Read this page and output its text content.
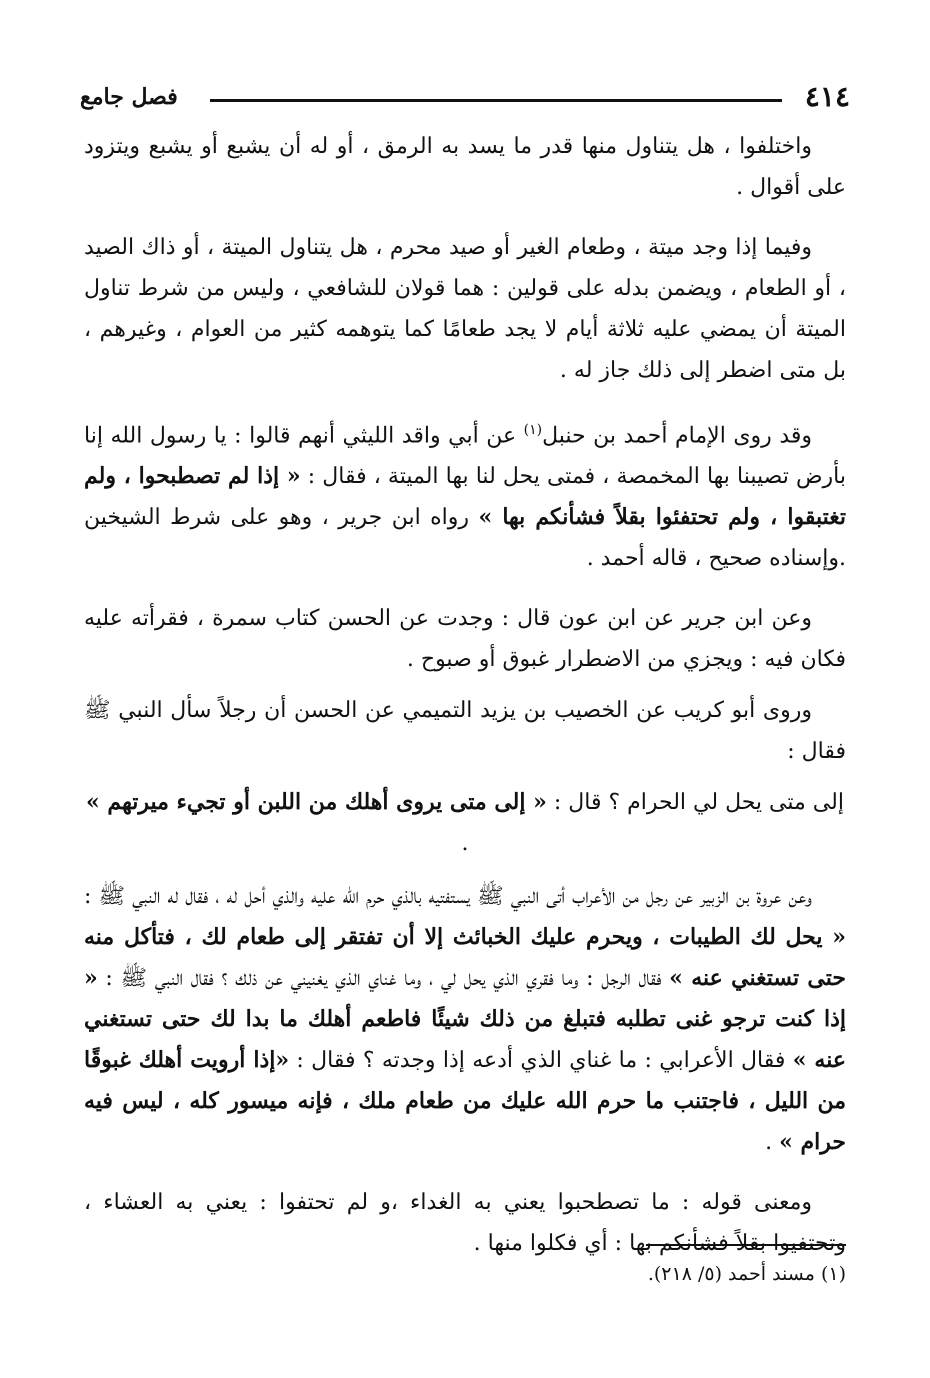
٤١٤
فصل جامع

واختلفوا ، هل يتناول منها قدر ما يسد به الرمق ، أو له أن يشبع أو يشبع ويتزود على أقوال .

وفيما إذا وجد ميتة ، وطعام الغير أو صيد محرم ، هل يتناول الميتة ، أو ذاك الصيد ، أو الطعام ، ويضمن بدله على قولين : هما قولان للشافعي ، وليس من شرط تناول الميتة أن يمضي عليه ثلاثة أيام لا يجد طعامًا كما يتوهمه كثير من العوام ، وغيرهم ، بل متى اضطر إلى ذلك جاز له .

وقد روى الإمام أحمد بن حنبل$^{(١)}$ عن أبي واقد الليثي أنهم قالوا : يا رسول الله إنا بأرض تصيبنا بها المخمصة ، فمتى يحل لنا بها الميتة ، فقال : « إذا لم تصطبحوا ، ولم تغتبقوا ، ولم تحتفئوا بقلاً فشأنكم بها » رواه ابن جرير ، وهو على شرط الشيخين .وإسناده صحيح ، قاله أحمد .

وعن ابن جرير عن ابن عون قال : وجدت عن الحسن كتاب سمرة ، فقرأته عليه فكان فيه : ويجزي من الاضطرار غبوق أو صبوح .

وروى أبو كريب عن الخصيب بن يزيد التميمي عن الحسن أن رجلاً سأل النبي ﷺ فقال :

إلى متى يحل لي الحرام ؟ قال : « إلى متى يروى أهلك من اللبن أو تجيء ميرتهم » .

وعن عروة بن الزبير عن رجل من الأعراب أتى النبي ﷺ يستفتيه بالذي حرم الله عليه والذي أحل له ، فقال له النبي ﷺ : « يحل لك الطيبات ، ويحرم عليك الخبائث إلا أن تفتقر إلى طعام لك ، فتأكل منه حتى تستغني عنه » فقال الرجل : وما فقري الذي يحل لي ، وما غناي الذي يغنيني عن ذلك ؟ فقال النبي ﷺ : « إذا كنت ترجو غنى تطلبه فتبلغ من ذلك شيئًا فاطعم أهلك ما بدا لك حتى تستغني عنه » فقال الأعرابي : ما غناي الذي أدعه إذا وجدته ؟ فقال : «إذا أرويت أهلك غبوقًا من الليل ، فاجتنب ما حرم الله عليك من طعام ملك ، فإنه ميسور كله ، ليس فيه حرام » .

ومعنى قوله : ما تصطحبوا يعني به الغداء ،و لم تحتفوا : يعني به العشاء ، وتحتفيوا بقلاً فشأنكم بها : أي فكلوا منها .

(١) مسند أحمد (٥/ ٢١٨).
